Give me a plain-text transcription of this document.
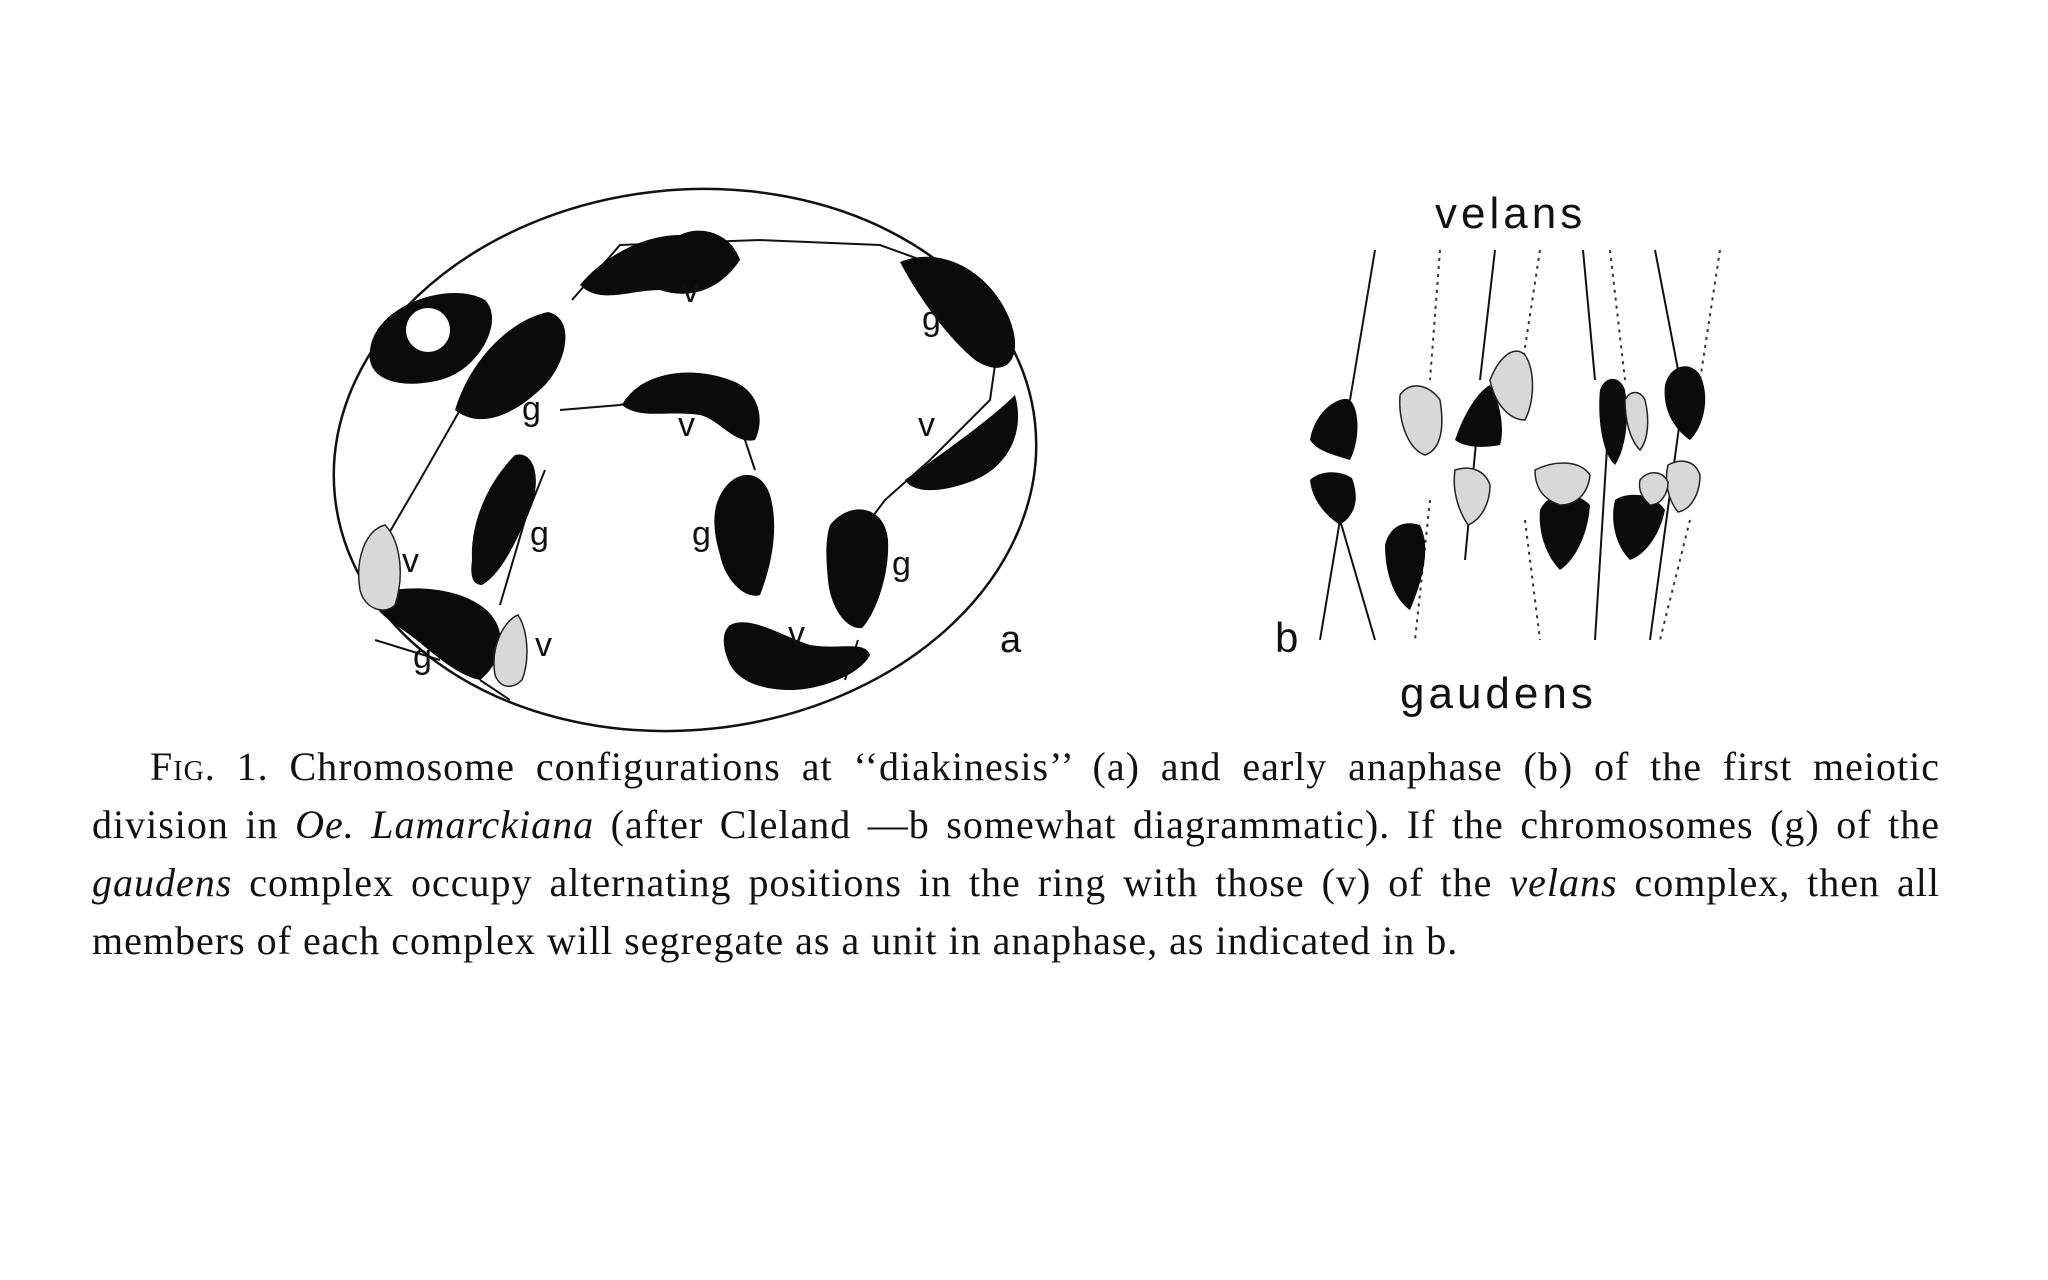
v
g
g	v	v
g	g
g
v
g	v	v	a
velans
gaudens
b

Fig. 1. Chromosome configurations at ‘‘diakinesis’’ (a) and early anaphase (b) of the first meiotic division in Oe. Lamarckiana (after Cleland —b somewhat diagrammatic). If the chromosomes (g) of the gaudens complex occupy alternating positions in the ring with those (v) of the velans complex, then all members of each complex will segregate as a unit in anaphase, as indicated in b.
